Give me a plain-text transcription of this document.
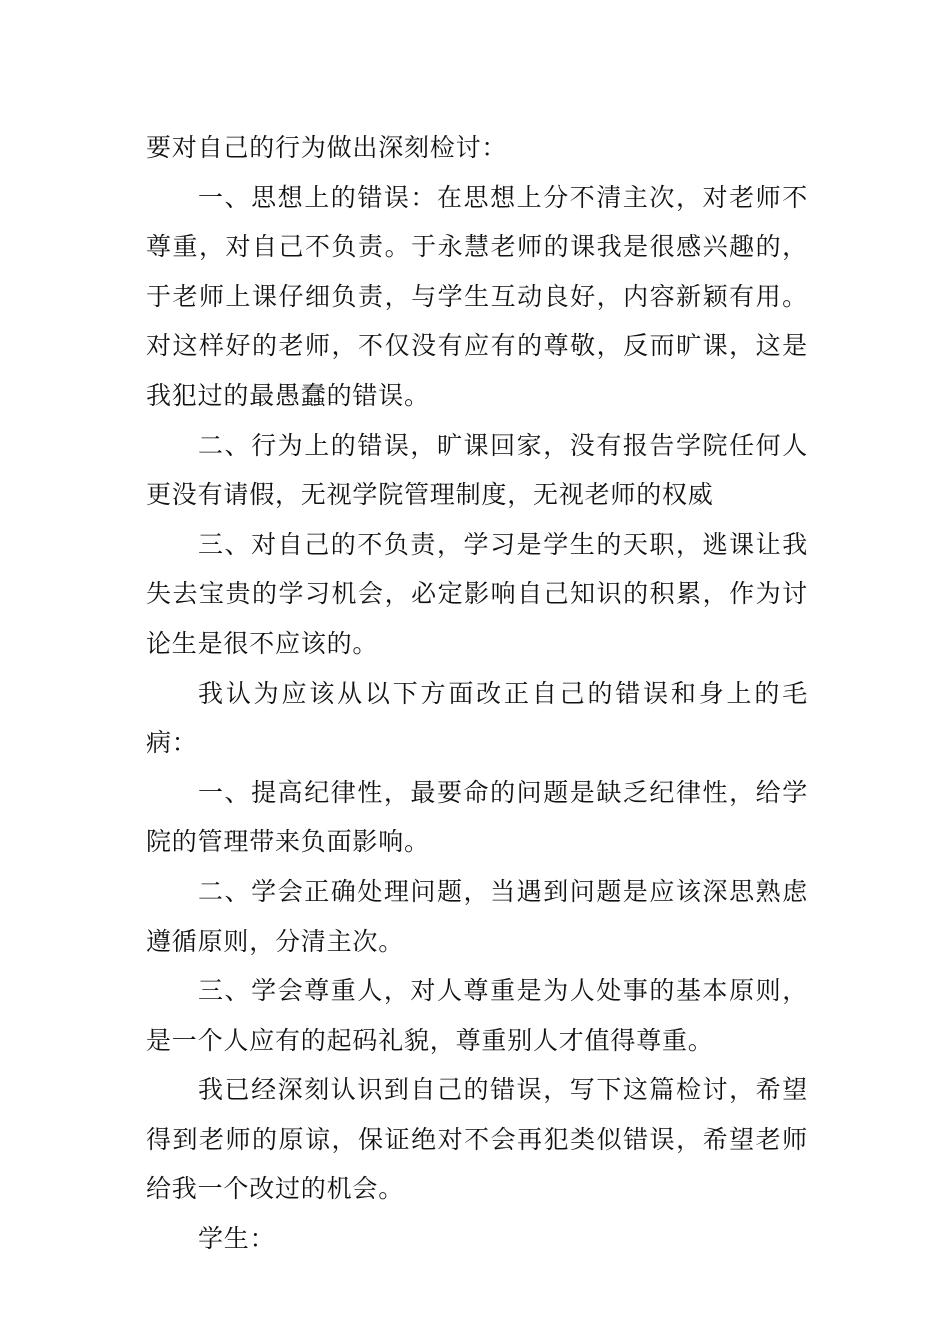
要对自己的行为做出深刻检讨：

一、思想上的错误：在思想上分不清主次，对老师不尊重，对自己不负责。于永慧老师的课我是很感兴趣的，于老师上课仔细负责，与学生互动良好，内容新颖有用。对这样好的老师，不仅没有应有的尊敬，反而旷课，这是我犯过的最愚蠢的错误。

二、行为上的错误，旷课回家，没有报告学院任何人更没有请假，无视学院管理制度，无视老师的权威

三、对自己的不负责，学习是学生的天职，逃课让我失去宝贵的学习机会，必定影响自己知识的积累，作为讨论生是很不应该的。

我认为应该从以下方面改正自己的错误和身上的毛病：

一、提高纪律性，最要命的问题是缺乏纪律性，给学院的管理带来负面影响。

二、学会正确处理问题，当遇到问题是应该深思熟虑遵循原则，分清主次。

三、学会尊重人，对人尊重是为人处事的基本原则，是一个人应有的起码礼貌，尊重别人才值得尊重。

我已经深刻认识到自己的错误，写下这篇检讨，希望得到老师的原谅，保证绝对不会再犯类似错误，希望老师给我一个改过的机会。

学生：
